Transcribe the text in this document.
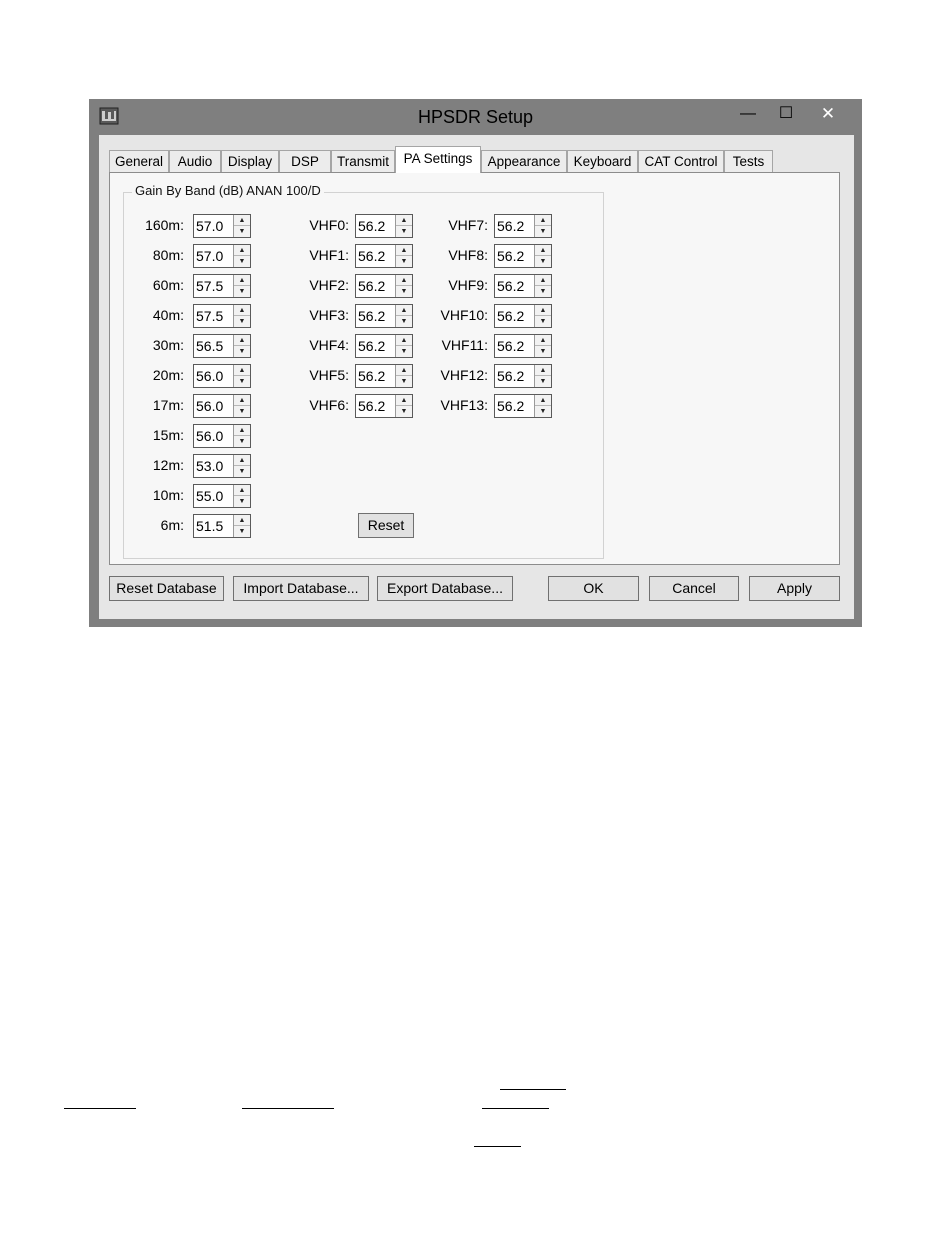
HPSDR Setup	—	☐	✕
General	Audio	Display	DSP	Transmit	PA Settings	Appearance Keyboard CAT Control	Tests
Gain By Band (dB) ANAN 100/D
160m: 57.0	▲
▼
80m: 57.0	▲
▼
60m: 57.5	▲
▼
40m: 57.5	▲
▼
30m: 56.5	▲
▼
20m: 56.0	▲
▼
17m: 56.0	▲
▼
15m: 56.0	▲
▼
12m: 53.0	▲
▼
10m: 55.0	▲
▼
6m: 51.5	▲
▼
VHF0: 56.2	▲
▼
VHF1: 56.2	▲
▼
VHF2: 56.2	▲
▼
VHF3: 56.2	▲
▼
VHF4: 56.2	▲
▼
VHF5: 56.2	▲
▼
VHF6: 56.2	▲
▼
VHF7: 56.2	▲
▼
VHF8: 56.2	▲
▼
VHF9: 56.2	▲
▼
VHF10: 56.2	▲
▼
VHF11: 56.2	▲
▼
VHF12: 56.2	▲
▼
VHF13: 56.2	▲
▼
Reset
Reset Database	Import Database...	Export Database...	OK	Cancel	Apply
